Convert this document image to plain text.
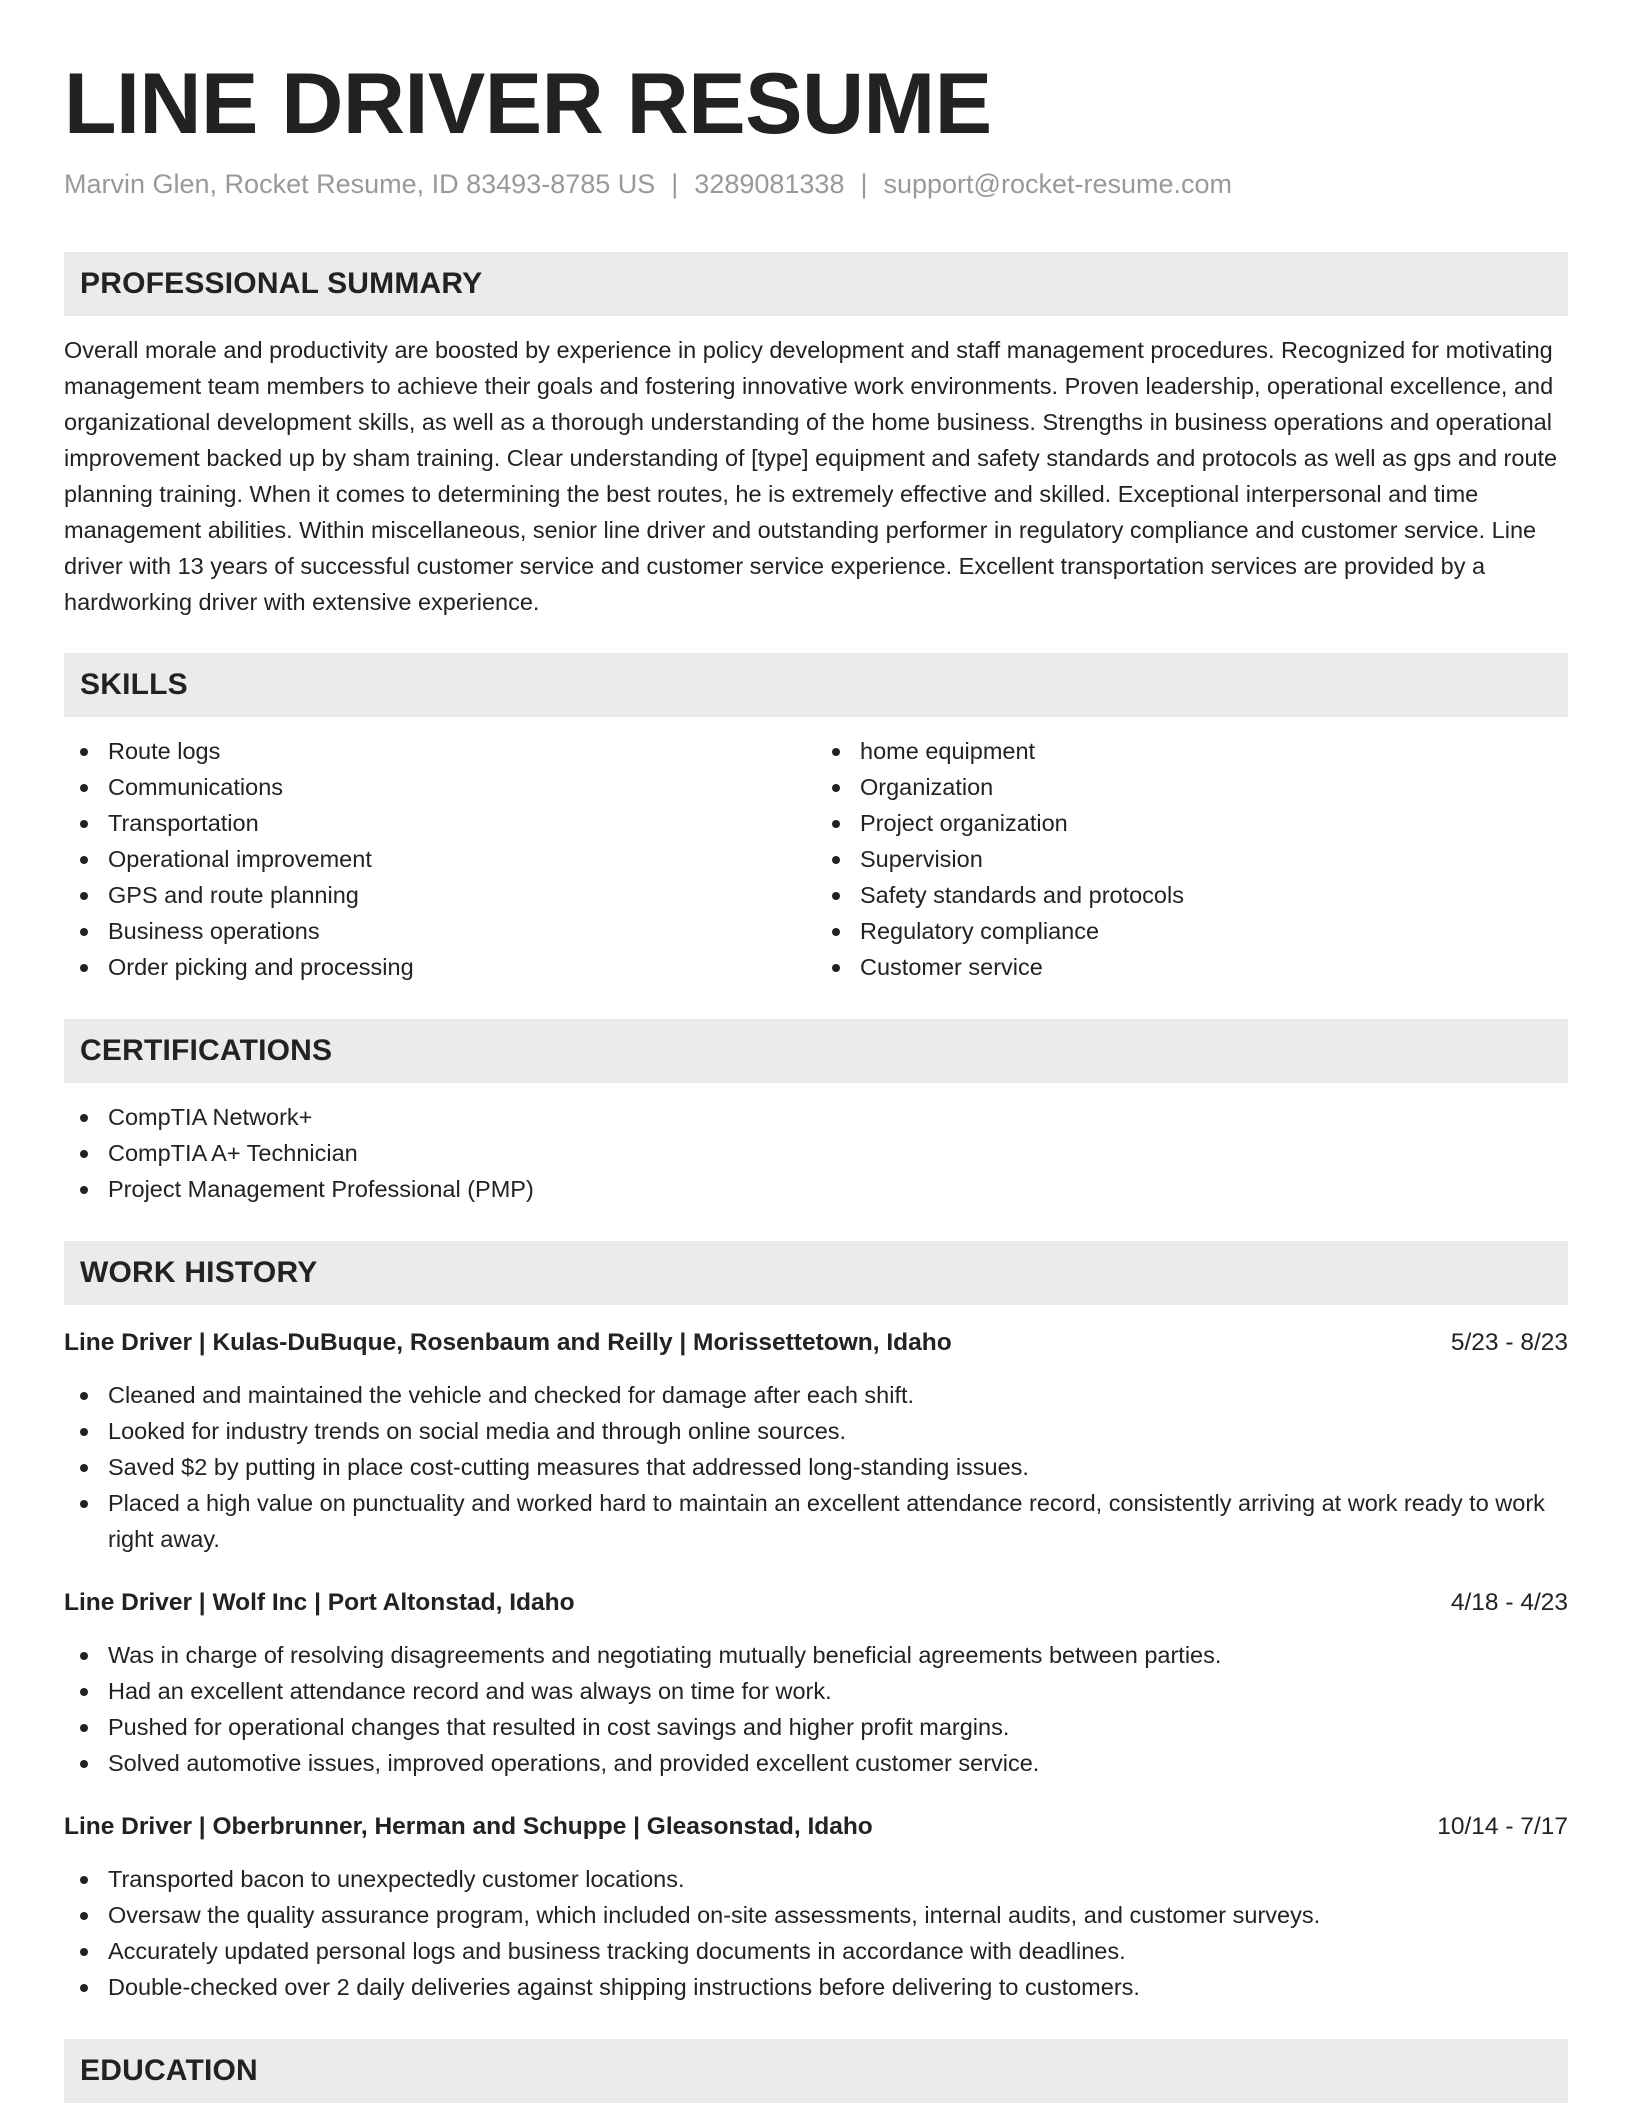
LINE DRIVER RESUME
Marvin Glen, Rocket Resume, ID 83493-8785 US | 3289081338 | support@rocket-resume.com
PROFESSIONAL SUMMARY
Overall morale and productivity are boosted by experience in policy development and staff management procedures. Recognized for motivating management team members to achieve their goals and fostering innovative work environments. Proven leadership, operational excellence, and organizational development skills, as well as a thorough understanding of the home business. Strengths in business operations and operational improvement backed up by sham training. Clear understanding of [type] equipment and safety standards and protocols as well as gps and route planning training. When it comes to determining the best routes, he is extremely effective and skilled. Exceptional interpersonal and time management abilities. Within miscellaneous, senior line driver and outstanding performer in regulatory compliance and customer service. Line driver with 13 years of successful customer service and customer service experience. Excellent transportation services are provided by a hardworking driver with extensive experience.
SKILLS
Route logs
Communications
Transportation
Operational improvement
GPS and route planning
Business operations
Order picking and processing
home equipment
Organization
Project organization
Supervision
Safety standards and protocols
Regulatory compliance
Customer service
CERTIFICATIONS
CompTIA Network+
CompTIA A+ Technician
Project Management Professional (PMP)
WORK HISTORY
Line Driver | Kulas-DuBuque, Rosenbaum and Reilly | Morissettetown, Idaho	5/23 - 8/23
Cleaned and maintained the vehicle and checked for damage after each shift.
Looked for industry trends on social media and through online sources.
Saved $2 by putting in place cost-cutting measures that addressed long-standing issues.
Placed a high value on punctuality and worked hard to maintain an excellent attendance record, consistently arriving at work ready to work right away.
Line Driver | Wolf Inc | Port Altonstad, Idaho	4/18 - 4/23
Was in charge of resolving disagreements and negotiating mutually beneficial agreements between parties.
Had an excellent attendance record and was always on time for work.
Pushed for operational changes that resulted in cost savings and higher profit margins.
Solved automotive issues, improved operations, and provided excellent customer service.
Line Driver | Oberbrunner, Herman and Schuppe | Gleasonstad, Idaho	10/14 - 7/17
Transported bacon to unexpectedly customer locations.
Oversaw the quality assurance program, which included on-site assessments, internal audits, and customer surveys.
Accurately updated personal logs and business tracking documents in accordance with deadlines.
Double-checked over 2 daily deliveries against shipping instructions before delivering to customers.
EDUCATION
